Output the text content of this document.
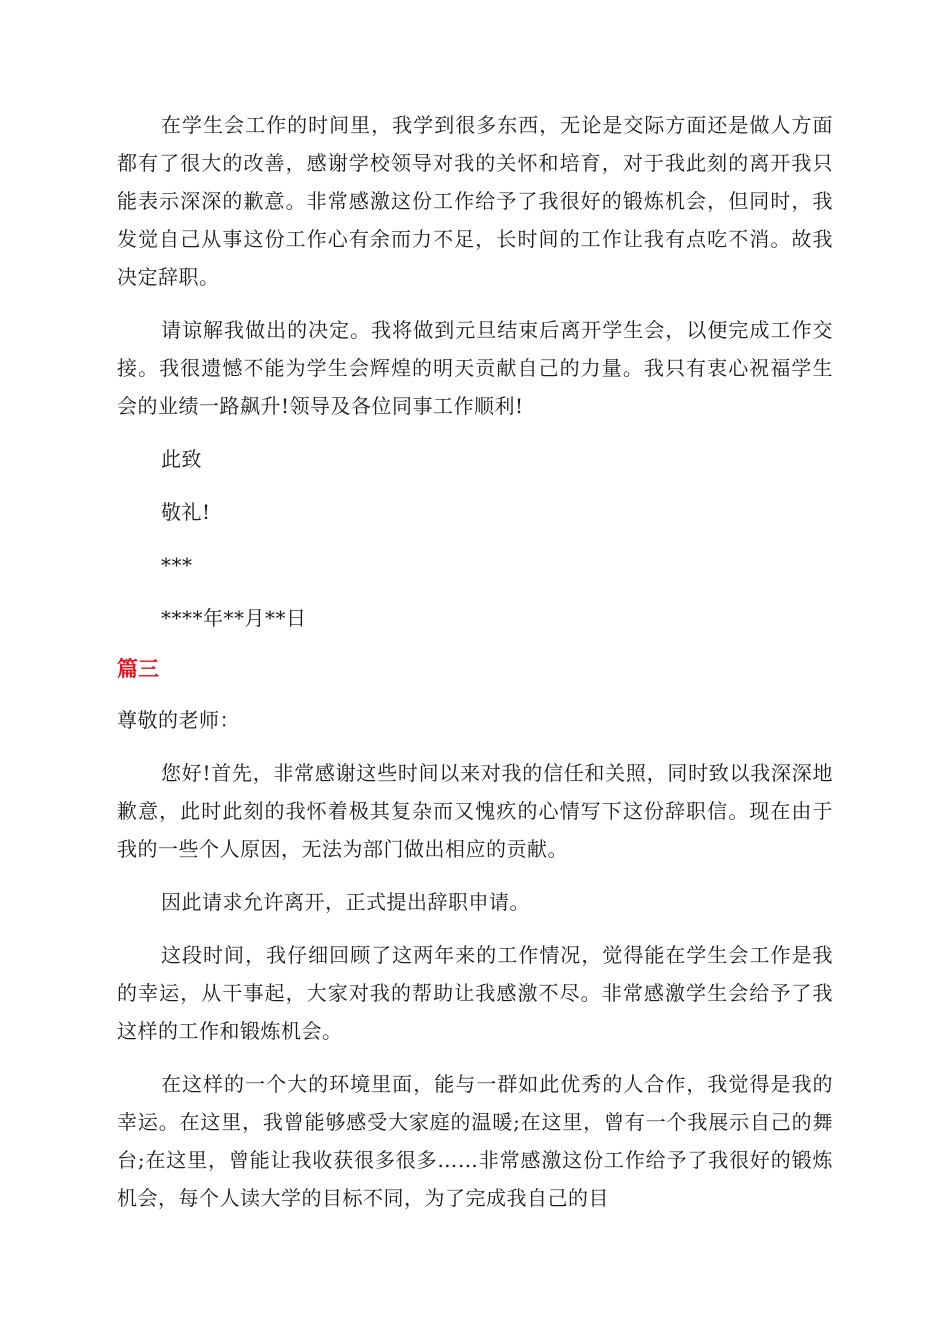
在学生会工作的时间里，我学到很多东西，无论是交际方面还是做人方面都有了很大的改善，感谢学校领导对我的关怀和培育，对于我此刻的离开我只能表示深深的歉意。非常感激这份工作给予了我很好的锻炼机会，但同时，我发觉自己从事这份工作心有余而力不足，长时间的工作让我有点吃不消。故我决定辞职。

请谅解我做出的决定。我将做到元旦结束后离开学生会，以便完成工作交接。我很遗憾不能为学生会辉煌的明天贡献自己的力量。我只有衷心祝福学生会的业绩一路飙升!领导及各位同事工作顺利!

此致

敬礼!

***

****年**月**日

篇三

尊敬的老师：

您好!首先，非常感谢这些时间以来对我的信任和关照，同时致以我深深地歉意，此时此刻的我怀着极其复杂而又愧疚的心情写下这份辞职信。现在由于我的一些个人原因，无法为部门做出相应的贡献。

因此请求允许离开，正式提出辞职申请。

这段时间，我仔细回顾了这两年来的工作情况，觉得能在学生会工作是我的幸运，从干事起，大家对我的帮助让我感激不尽。非常感激学生会给予了我这样的工作和锻炼机会。

在这样的一个大的环境里面，能与一群如此优秀的人合作，我觉得是我的幸运。在这里，我曾能够感受大家庭的温暖;在这里，曾有一个我展示自己的舞台;在这里，曾能让我收获很多很多……非常感激这份工作给予了我很好的锻炼机会，每个人读大学的目标不同，为了完成我自己的目
